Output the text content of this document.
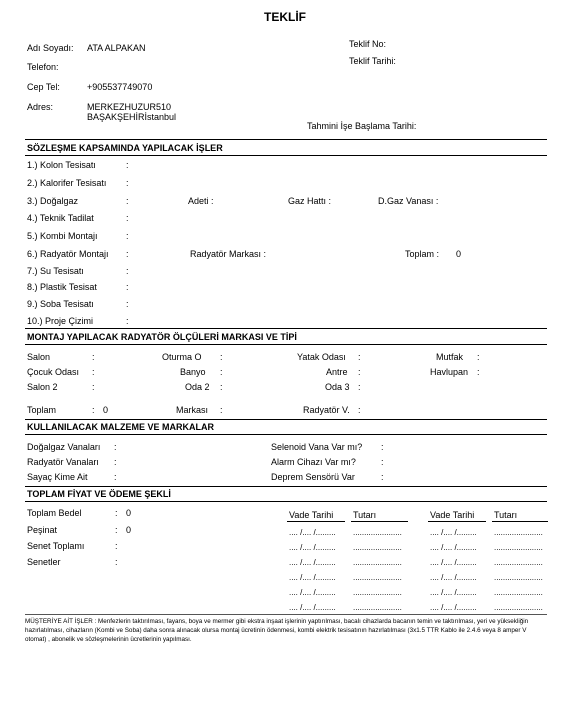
TEKLİF
Adı Soyadı: ATA ALPAKAN
Telefon:
Cep Tel:	+905537749070
Adres:	MERKEZHUZUR510
BAŞAKŞEHİRİstanbul
Teklif No:
Teklif Tarihi:
Tahmini İşe Başlama Tarihi:
SÖZLEŞME KAPSAMINDA YAPILACAK İŞLER
1.) Kolon Tesisatı	:
2.) Kalorifer Tesisatı :
3.) Doğalgaz	:	Adeti :	Gaz Hattı :	D.Gaz Vanası :
4.) Teknik Tadilat	:
5.) Kombi Montajı	:
6.) Radyatör Montajı :	Radyatör Markası :	Toplam : 0
7.) Su Tesisatı	:
8.) Plastik Tesisat	:
9.) Soba Tesisatı	:
10.) Proje Çizimi	:
MONTAJ YAPILACAK RADYATÖR ÖLÇÜLERİ MARKASI VE TİPİ
Salon	:	Oturma O :	Yatak Odası :	Mutfak :
Çocuk Odası :	Banyo :	Antre :	Havlupan :
Salon 2	:	Oda 2 :	Oda 3 :
Toplam	: 0	Markası :	Radyatör V. :
KULLANILACAK MALZEME VE MARKALAR
Doğalgaz Vanaları :	Selenoid Vana Var mı? :
Radyatör Vanaları :	Alarm Cihazı Var mı?	:
Sayaç Kime Ait	:	Deprem Sensörü Var	:
TOPLAM FİYAT VE ÖDEME ŞEKLİ
Toplam Bedel	: 0
Peşinat	: 0
Senet Toplamı	:
Senetler	:
Vade Tarihi Tutarı	Vade Tarihi Tutarı
.... /.... /......... ......................	.... /.... /......... ......................
.... /.... /......... ......................	.... /.... /......... ......................
.... /.... /......... ......................	.... /.... /......... ......................
.... /.... /......... ......................	.... /.... /......... ......................
.... /.... /......... ......................	.... /.... /......... ......................
.... /.... /......... ......................	.... /.... /......... ......................
MÜŞTERİYE AİT İŞLER : Menfezlerin taktırılması, fayans, boya ve mermer gibi ekstra inşaat işlerinin yaptırılması, bacalı cihazlarda bacanın temin ve taktırılması, yeri ve yüksekliğin hazırlatılması, cihazların (Kombi ve Soba) daha sonra alınacak olursa montaj ücretinin ödenmesi, kombi elektrik tesisatının hazırlatılması (3x1.5 TTR Kablo ile 2.4.6 veya 8 amper V otomat) , abonelik ve sözleşmelerinin ücretlerinin yapılması.
